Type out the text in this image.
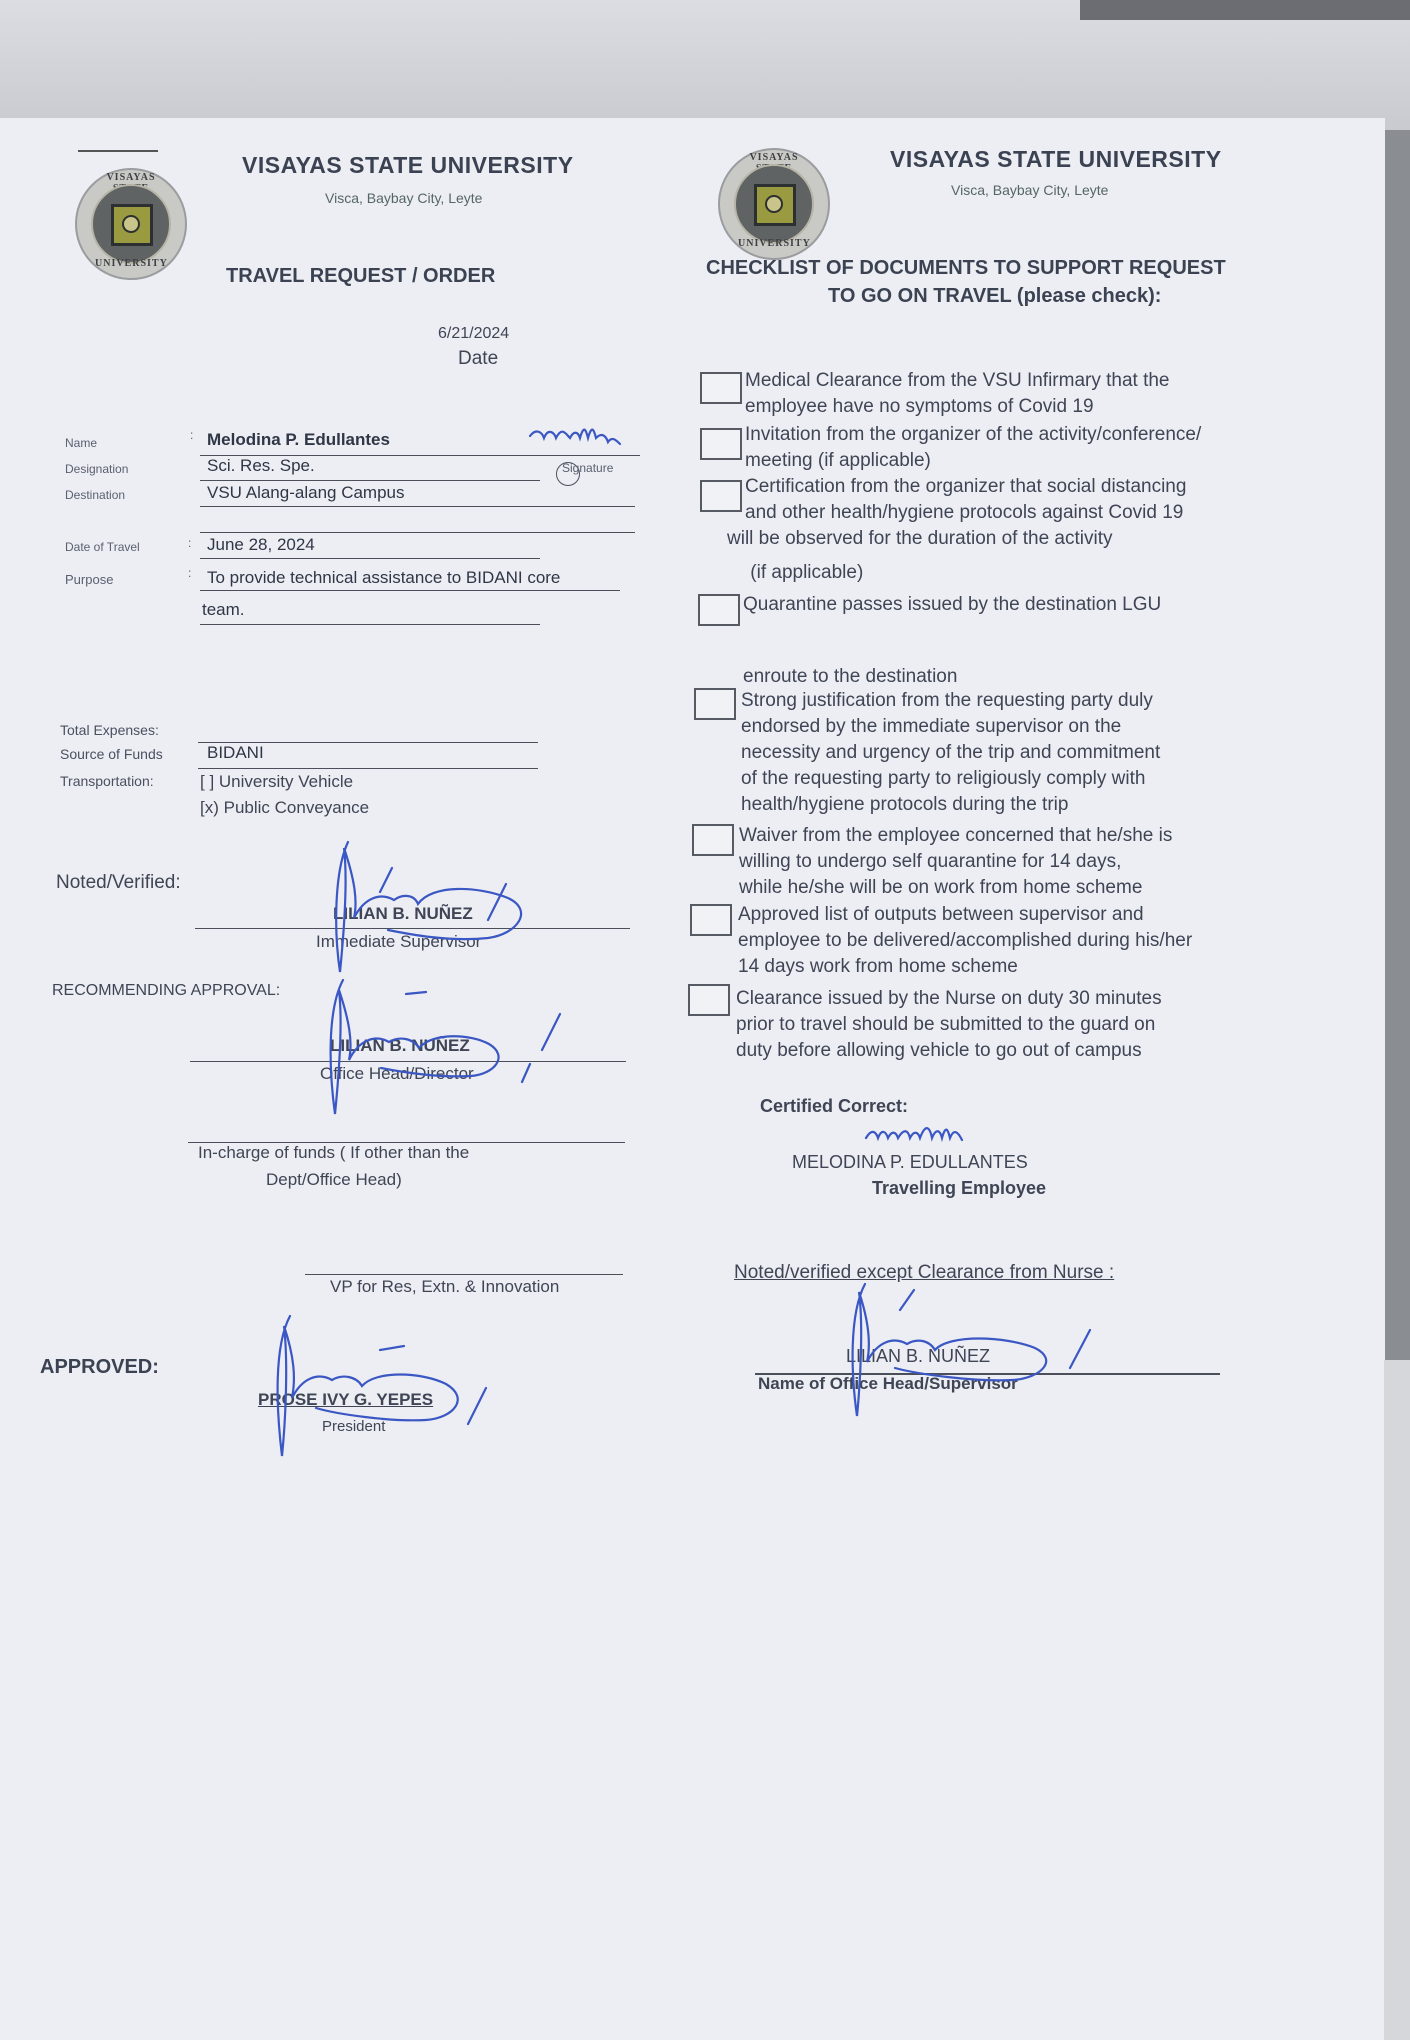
VISAYAS
UNIVERSITY
VISAYAS STATE UNIVERSITY
Visca, Baybay City, Leyte
TRAVEL REQUEST / ORDER
6/21/2024
Date
Name
: Melodina P. Edullantes
Signature
Designation	Sci. Res. Spe.
Destination	VSU Alang-alang Campus
Date of Travel	: June 28, 2024
Purpose	: To provide technical assistance to BIDANI core
team.
Total Expenses:
Source of Funds	BIDANI
Transportation:	[ ] University Vehicle
[x) Public Conveyance
Noted/Verified:
LILIAN B. NUÑEZ
Immediate Supervisor
RECOMMENDING APPROVAL:
LILIAN B. NUÑEZ
Office Head/Director
In-charge of funds ( If other than the
Dept/Office Head)
VP for Res, Extn. & Innovation
APPROVED:
PROSE IVY G. YEPES
President
VISAYAS
UNIVERSITY
VISAYAS STATE UNIVERSITY
Visca, Baybay City, Leyte
CHECKLIST OF DOCUMENTS TO SUPPORT REQUEST
TO GO ON TRAVEL (please check):
Medical Clearance from the VSU Infirmary that the
employee have no symptoms of Covid 19
Invitation from the organizer of the activity/conference/
meeting (if applicable)
Certification from the organizer that social distancing
and other health/hygiene protocols against Covid 19
will be observed for the duration of the activity
(if applicable)
Quarantine passes issued by the destination LGU
enroute to the destination
Strong justification from the requesting party duly
endorsed by the immediate supervisor on the
necessity and urgency of the trip and commitment
of the requesting party to religiously comply with
health/hygiene protocols during the trip
Waiver from the employee concerned that he/she is
willing to undergo self quarantine for 14 days,
while he/she will be on work from home scheme
Approved list of outputs between supervisor and
employee to be delivered/accomplished during his/her
14 days work from home scheme
Clearance issued by the Nurse on duty 30 minutes
prior to travel should be submitted to the guard on
duty before allowing vehicle to go out of campus
Certified Correct:
MELODINA P. EDULLANTES
Travelling Employee
Noted/verified except Clearance from Nurse :
LILIAN B. NUÑEZ
Name of Office Head/Supervisor
